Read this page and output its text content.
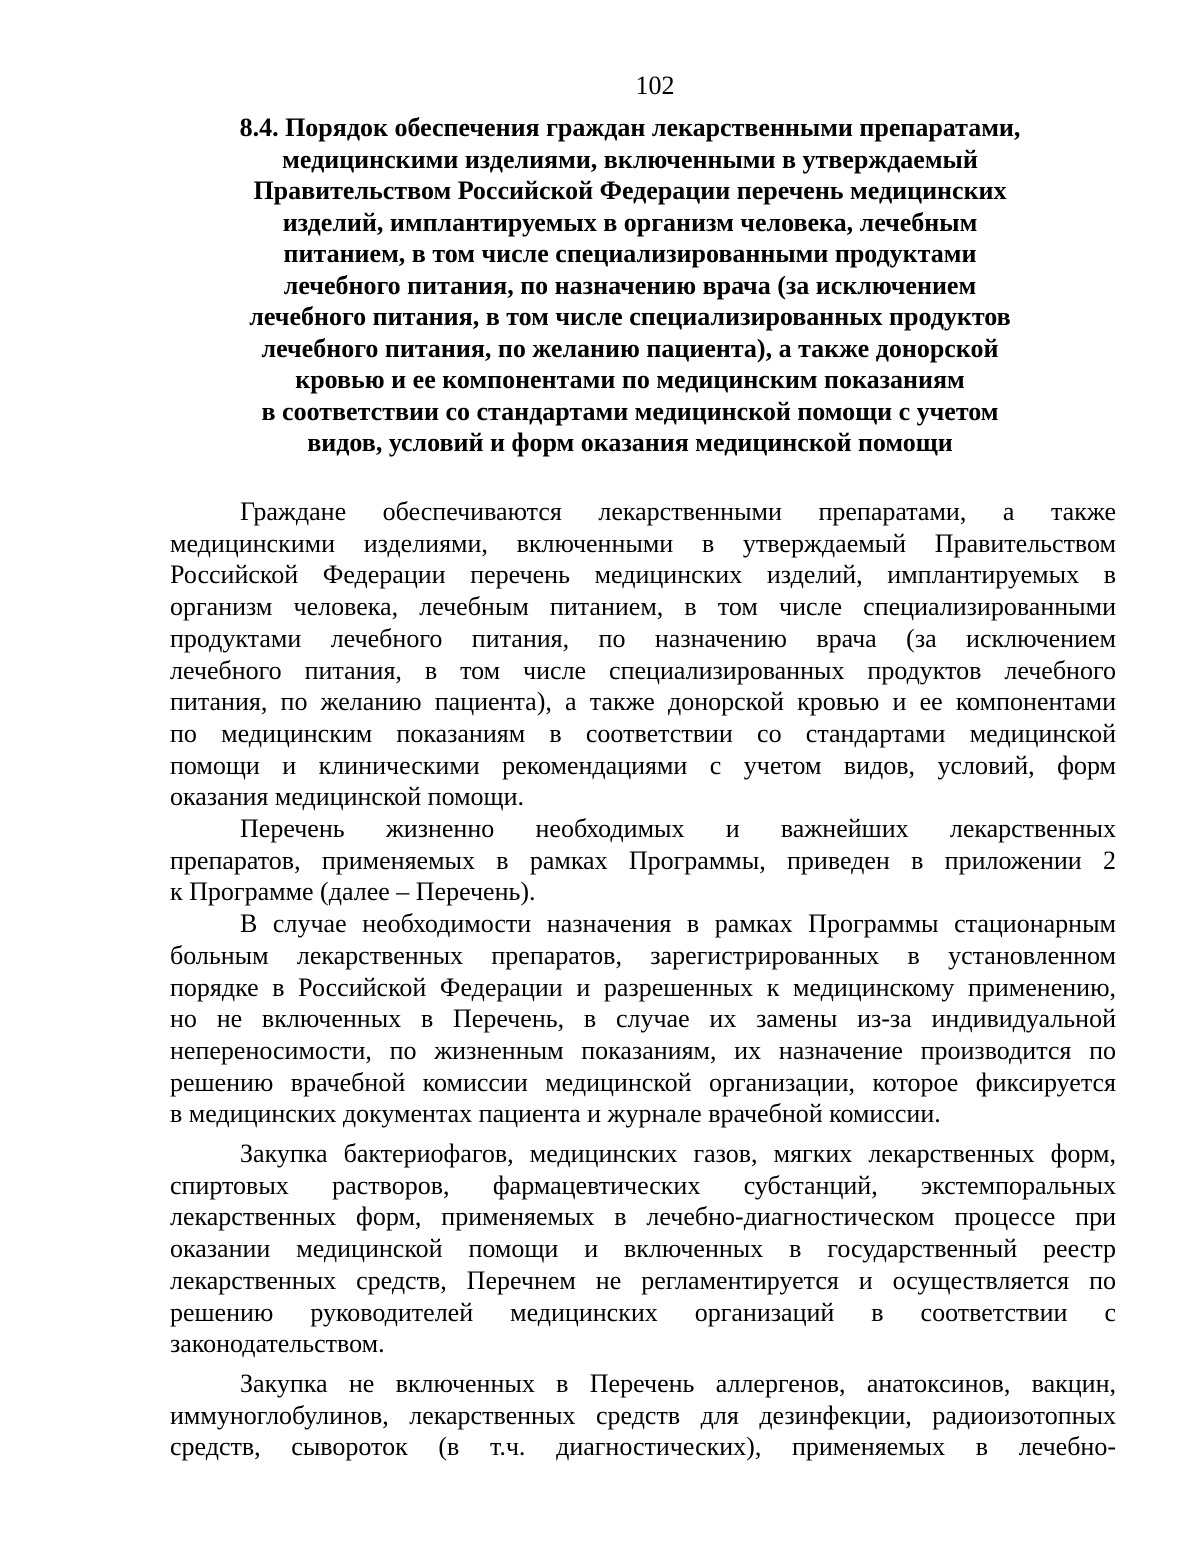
102
8.4. Порядок обеспечения граждан лекарственными препаратами,
медицинскими изделиями, включенными в утверждаемый
Правительством Российской Федерации перечень медицинских
изделий, имплантируемых в организм человека, лечебным
питанием, в том числе специализированными продуктами
лечебного питания, по назначению врача (за исключением
лечебного питания, в том числе специализированных продуктов
лечебного питания, по желанию пациента), а также донорской
кровью и ее компонентами по медицинским показаниям
в соответствии со стандартами медицинской помощи с учетом
видов, условий и форм оказания медицинской помощи
Граждане обеспечиваются лекарственными препаратами, а также
медицинскими изделиями, включенными в утверждаемый Правительством
Российской Федерации перечень медицинских изделий, имплантируемых в
организм человека, лечебным питанием, в том числе специализированными
продуктами лечебного питания, по назначению врача (за исключением
лечебного питания, в том числе специализированных продуктов лечебного
питания, по желанию пациента), а также донорской кровью и ее компонентами
по медицинским показаниям в соответствии со стандартами медицинской
помощи и клиническими рекомендациями с учетом видов, условий, форм
оказания медицинской помощи.
Перечень жизненно необходимых и важнейших лекарственных
препаратов, применяемых в рамках Программы, приведен в приложении 2
к Программе (далее – Перечень).
В случае необходимости назначения в рамках Программы стационарным
больным лекарственных препаратов, зарегистрированных в установленном
порядке в Российской Федерации и разрешенных к медицинскому применению,
но не включенных в Перечень, в случае их замены из-за индивидуальной
непереносимости, по жизненным показаниям, их назначение производится по
решению врачебной комиссии медицинской организации, которое фиксируется
в медицинских документах пациента и журнале врачебной комиссии.
Закупка бактериофагов, медицинских газов, мягких лекарственных форм,
спиртовых растворов, фармацевтических субстанций, экстемпоральных
лекарственных форм, применяемых в лечебно-диагностическом процессе при
оказании медицинской помощи и включенных в государственный реестр
лекарственных средств, Перечнем не регламентируется и осуществляется по
решению руководителей медицинских организаций в соответствии с
законодательством.
Закупка не включенных в Перечень аллергенов, анатоксинов, вакцин,
иммуноглобулинов, лекарственных средств для дезинфекции, радиоизотопных
средств, сывороток (в т.ч. диагностических), применяемых в лечебно-
